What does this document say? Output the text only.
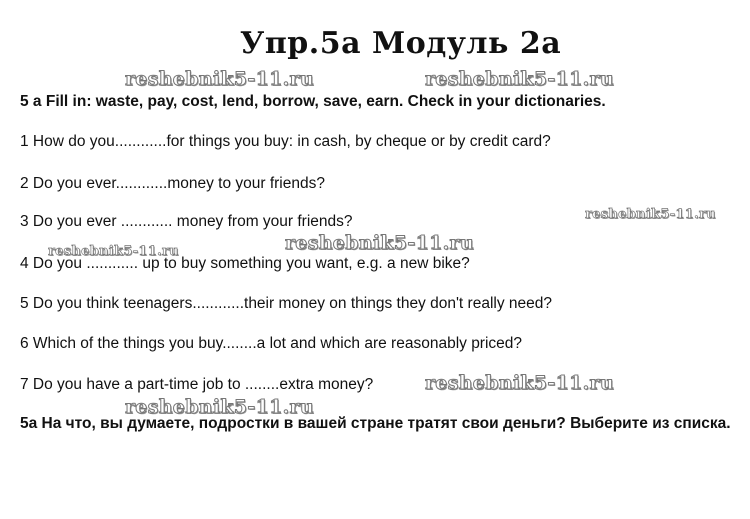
Упр.5a Модуль 2a
reshebnik5-11.ru	reshebnik5-11.ru
5 a Fill in: waste, pay, cost, lend, borrow, save, earn. Check in your dictionaries.
1 How do you............for things you buy: in cash, by cheque or by credit card?
2 Do you ever............money to your friends?
reshebnik5-11.ru
3 Do you ever ............ money from your friends?
reshebnik5-11.ru
reshebnik5-11.ru
4 Do you ............ up to buy something you want, e.g. a new bike?
5 Do you think teenagers............their money on things they don't really need?
6 Which of the things you buy........a lot and which are reasonably priced?
reshebnik5-11.ru
7 Do you have a part-time job to ........extra money?
reshebnik5-11.ru
5a На что, вы думаете, подростки в вашей стране тратят свои деньги? Выберите из списка.
